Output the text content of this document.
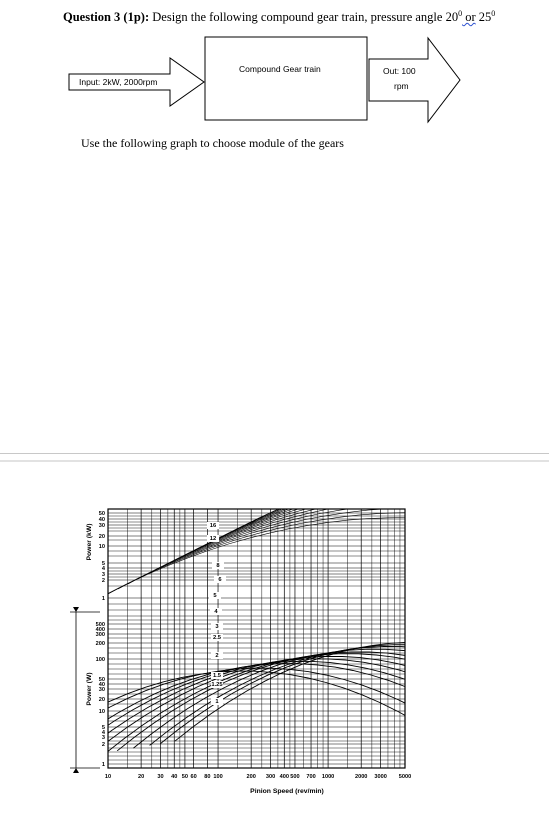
Question 3 (1p): Design the following compound gear train, pressure angle $20^0$ or $25^0$
Input: 2kW, 2000rpm
Compound Gear train	Out: 100
rpm
Use the following graph to choose module of the gears
16
12
8
6
5
4
3
2.5
2
1.5
1.25
1
10	20 30 40 50 60 80 100	200 300 400 500 700 1000	2000 3000 5000
50
40
30
20
10
5
4
3
2
1
500
400
300
200
100
50
40
30
20
10
5
4
3
2
1
Pinion Speed (rev/min)
Power (kW)
Power (W)
